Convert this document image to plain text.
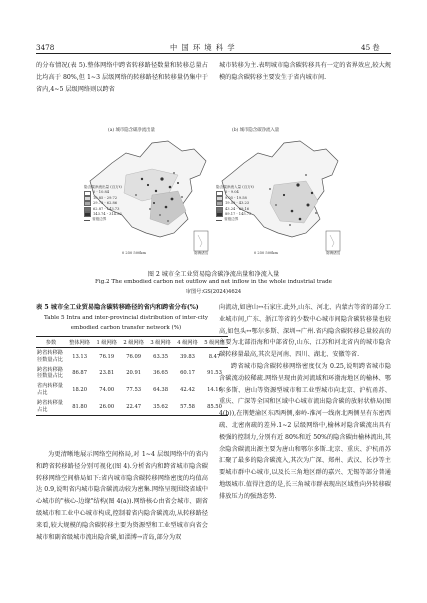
3478	中 国 环 境 科 学	45 卷

的分布情况(表 5).整体网络中跨省转移路径数量和转移总量占比均高于 80%,但 1~3 层级网络的转移路径和转移量仍集中于省内,4~5 层级网络则以跨省

城市转移为主.表明城市隐含碳转移具有一定的省界效应,较大规模的隐含碳转移主要发生于省内城市间.

(a) 城市隐含碳净流出量	(b) 城市隐含碳净流入量
隐含碳净流出量 (百万t)
0 - 10.84
10.85 - 29.72
29.73 - 62.86
62.87 - 143.73
143.74 - 314.56
省级边界
隐含碳净流入量 (百万t)
0 - 9.04
9.05 - 19.58
19.59 - 43.23
43.24 - 89.16
89.17 - 145.75
省级边界
0 250 500km	0 250 500km
南海诸岛	南海诸岛
图 2 城市全工业贸易隐含碳净流出量和净流入量
Fig.2 The embodied carbon net outflow and net inflow in the whole industrial trade
审图号:GS(2024)4624
表 5 城市全工业贸易隐含碳转移路径的省内和跨省分布(%)
Table 5 Intra and inter-provincial distribution of inter-city embodied carbon transfer network (%)
参数	整体网络	1 级网络	2 级网络	3 级网络	4 级网络	5 级网络
跨省转移路径数量占比	13.13	76.19	76.09	63.35	39.83	8.47
跨省转移路径数量占比	86.87	23.81	20.91	36.65	60.17	91.53
省内转移量占比	18.20	74.00	77.53	64.38	42.42	14.16
跨省转移量占比	81.80	26.00	22.47	35.62	57.58	85.50

为更清晰地展示网络空间格局,对 1~4 层级网络中的省内和跨省转移路径分别可视化(图 4).分析省内和跨省城市隐含碳转移网络空间格局如下:省内城市隐含碳转移网络密度的均值高达 0.9,说明省内城市隐含碳流动较为密集.网络呈现围绕省域中心城市的"核心-边缘"结构(图 4(a)).网络核心由省会城市、副省级城市和工业中心城市构成,控制着省内隐含碳流动,从转移路径来看,较大规模的隐含碳转移主要为资源型和工业型城市向省会城市和副省级城市流出隐含碳,如淄博→青岛,部分为双

向流动,如唐山↔石家庄.此外,山东、河北、内蒙古等省的部分工业城市间,广东、浙江等省的少数中心城市间隐含碳转移量也较高,如包头↔鄂尔多斯、深圳→广州.省内隐含碳转移总量较高的主要为北部沿海和中部省份,山东、江苏和河北省内的城市隐含碳转移量最高,其次是河南、四川、湖北、安徽等省.

跨省城市隐含碳转移网络密度仅为 0.25,说明跨省城市隐含碳流动较稀疏.网络呈现由黄河流域和环渤海地区的榆林、鄂尔多斯、唐山等资源型城市和工业型城市向北京、沪杭甬苏、重庆、广深等全国和区域中心城市流出隐含碳的放射状格局(图 4(b)),在荆楚渝区东西两侧,秦岭-淮河一线南北两侧呈有东密西疏、北密南疏的差异.1~2 层级网络中,榆林对隐含碳流出具有极强的控制力,分别有近 80%和近 50%的隐含碳由榆林流出,其余隐含碳流出源主要为唐山和鄂尔多斯.北京、重庆、沪杭甬苏汇聚了最多的隐含碳流入,其次为广深、郑州、武汉、长沙等主要城市群中心城市,以及长三角地区群的嘉兴、无锡等部分普通地级城市.值得注意的是,长三角城市群表现出区域性向外转移碳排放压力的强劲态势.
